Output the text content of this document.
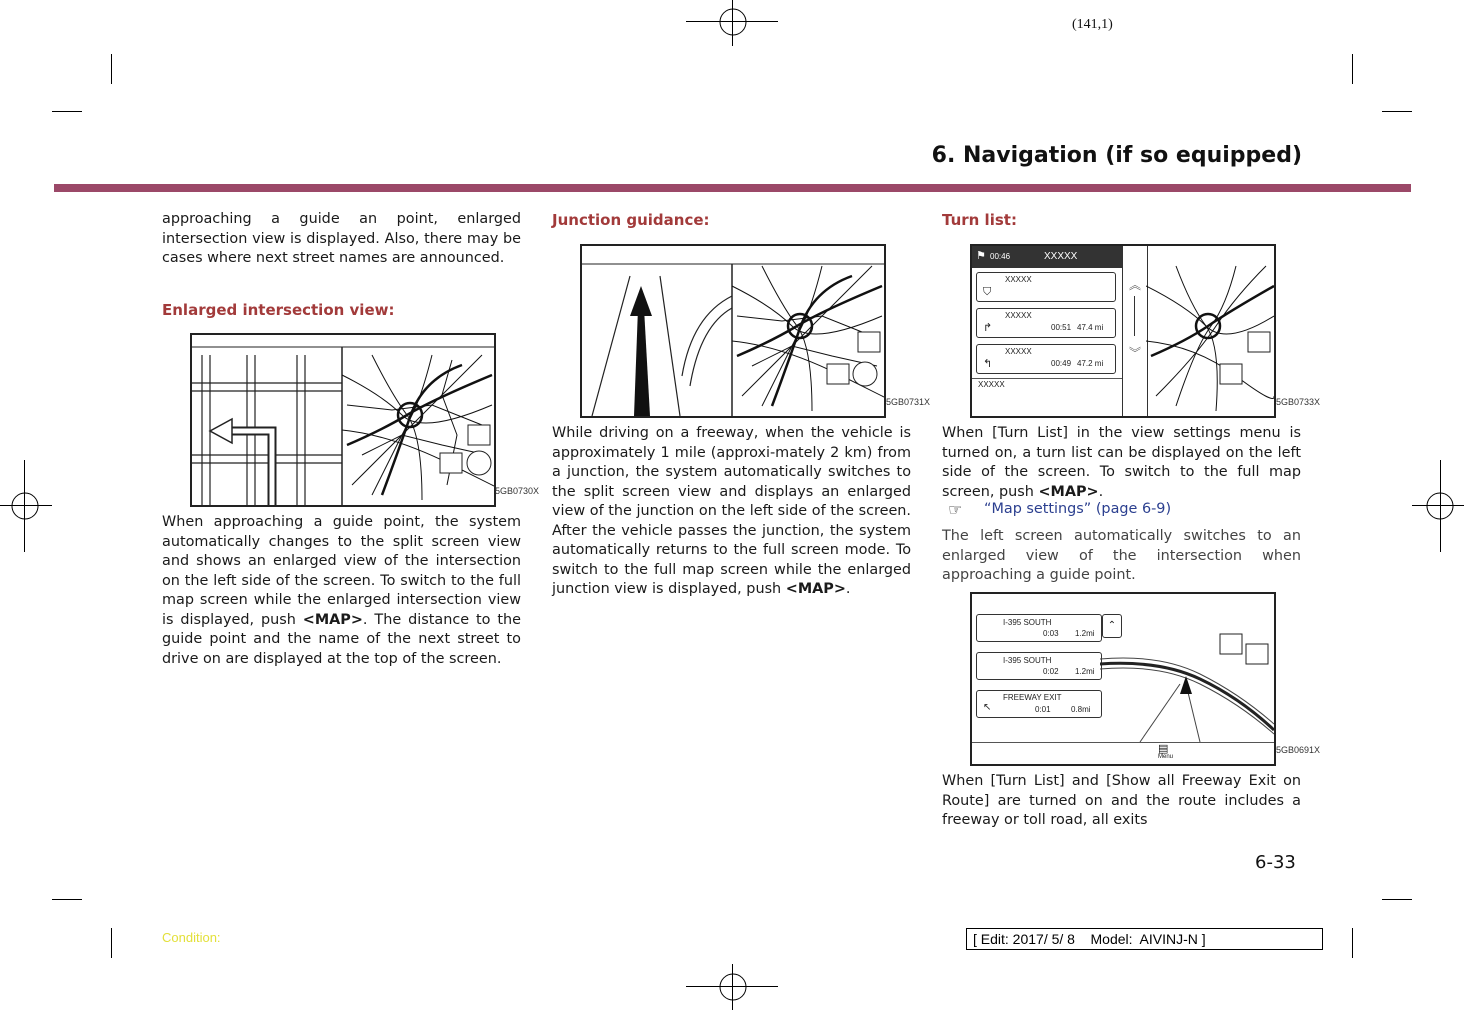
(141,1)
6. Navigation (if so equipped)
approaching a guide an point, enlarged intersection view is displayed. Also, there may be cases where next street names are announced.
Enlarged intersection view:
5GB0730X
When approaching a guide point, the system automatically changes to the split screen view and shows an enlarged view of the intersection on the left side of the screen. To switch to the full map screen while the enlarged intersection view is displayed, push <MAP>. The distance to the guide point and the name of the next street to drive on are displayed at the top of the screen.
Junction guidance:
5GB0731X
While driving on a freeway, when the vehicle is approximately 1 mile (approxi-mately 2 km) from a junction, the system automatically switches to the split screen view and displays an enlarged view of the junction on the left side of the screen. After the vehicle passes the junction, the system automatically returns to the full screen mode. To switch to the full map screen while the enlarged junction view is displayed, push <MAP>.
Turn list:
⚑ 00:46	XXXXX
XXXXX
⛉
XXXXX
↱	00:51 47.4 mi
XXXXX
↰	00:49 47.2 mi
XXXXX
︽
︾
5GB0733X
When [Turn List] in the view settings menu is turned on, a turn list can be displayed on the left side of the screen. To switch to the full map screen, push <MAP>.
☞ “Map settings” (page 6-9)
The left screen automatically switches to an enlarged view of the intersection when approaching a guide point.
I-395 SOUTH
0:03 1.2mi
I-395 SOUTH
0:02 1.2mi
FREEWAY EXIT
↖	0:01	0.8mi
⌃
▤
Menu
5GB0691X
When [Turn List] and [Show all Freeway Exit on Route] are turned on and the route includes a freeway or toll road, all exits
6-33
Condition:	[ Edit: 2017/ 5/ 8    Model:  AIVINJ-N ]
